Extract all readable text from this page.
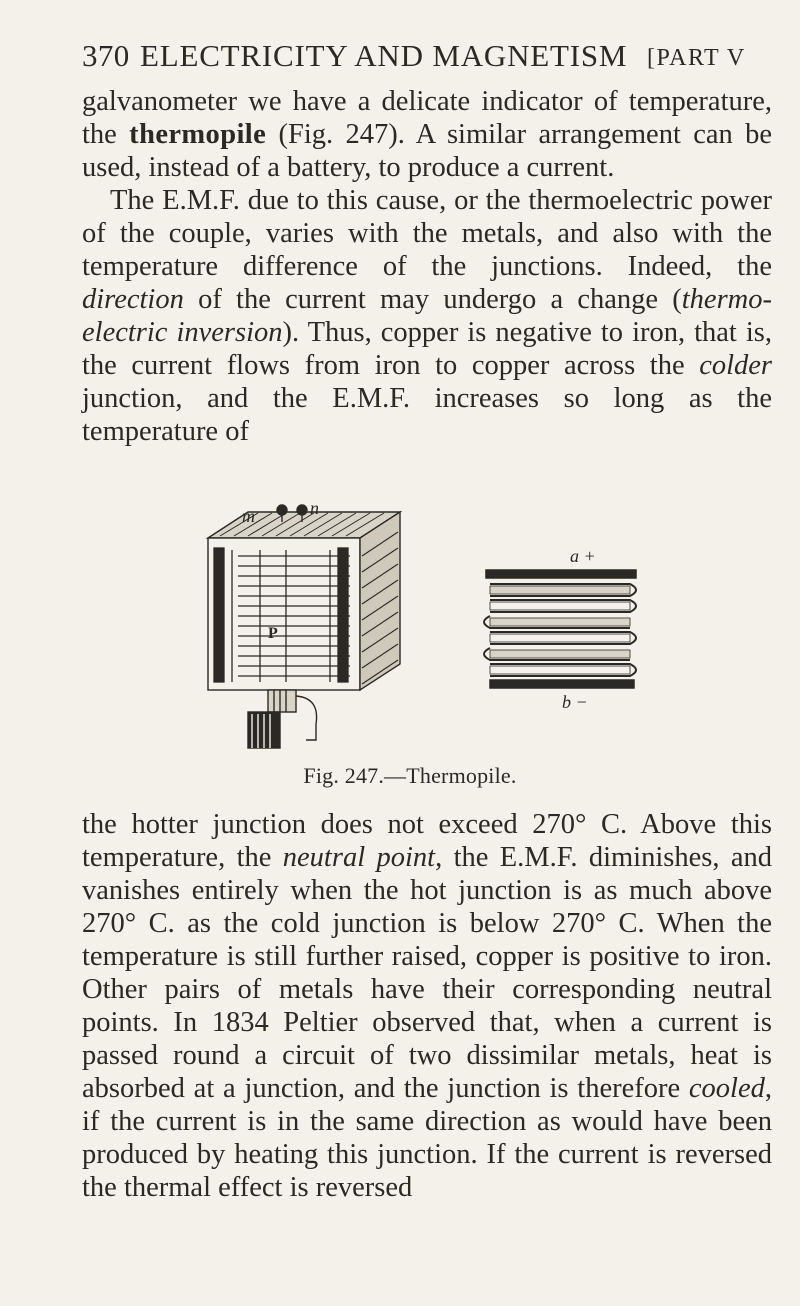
370 ELECTRICITY AND MAGNETISM [PART V

galvanometer we have a delicate indicator of temperature, the thermopile (Fig. 247). A similar arrangement can be used, instead of a battery, to produce a current.

The E.M.F. due to this cause, or the thermoelectric power of the couple, varies with the metals, and also with the temperature difference of the junctions. Indeed, the direction of the current may undergo a change (thermo-electric inversion). Thus, copper is negative to iron, that is, the current flows from iron to copper across the colder junction, and the E.M.F. increases so long as the temperature of

m	n
P
a +
b −
Fig. 247.—Thermopile.

the hotter junction does not exceed 270° C. Above this temperature, the neutral point, the E.M.F. diminishes, and vanishes entirely when the hot junction is as much above 270° C. as the cold junction is below 270° C. When the temperature is still further raised, copper is positive to iron. Other pairs of metals have their corresponding neutral points. In 1834 Peltier observed that, when a current is passed round a circuit of two dissimilar metals, heat is absorbed at a junction, and the junction is therefore cooled, if the current is in the same direction as would have been produced by heating this junction. If the current is reversed the thermal effect is reversed
